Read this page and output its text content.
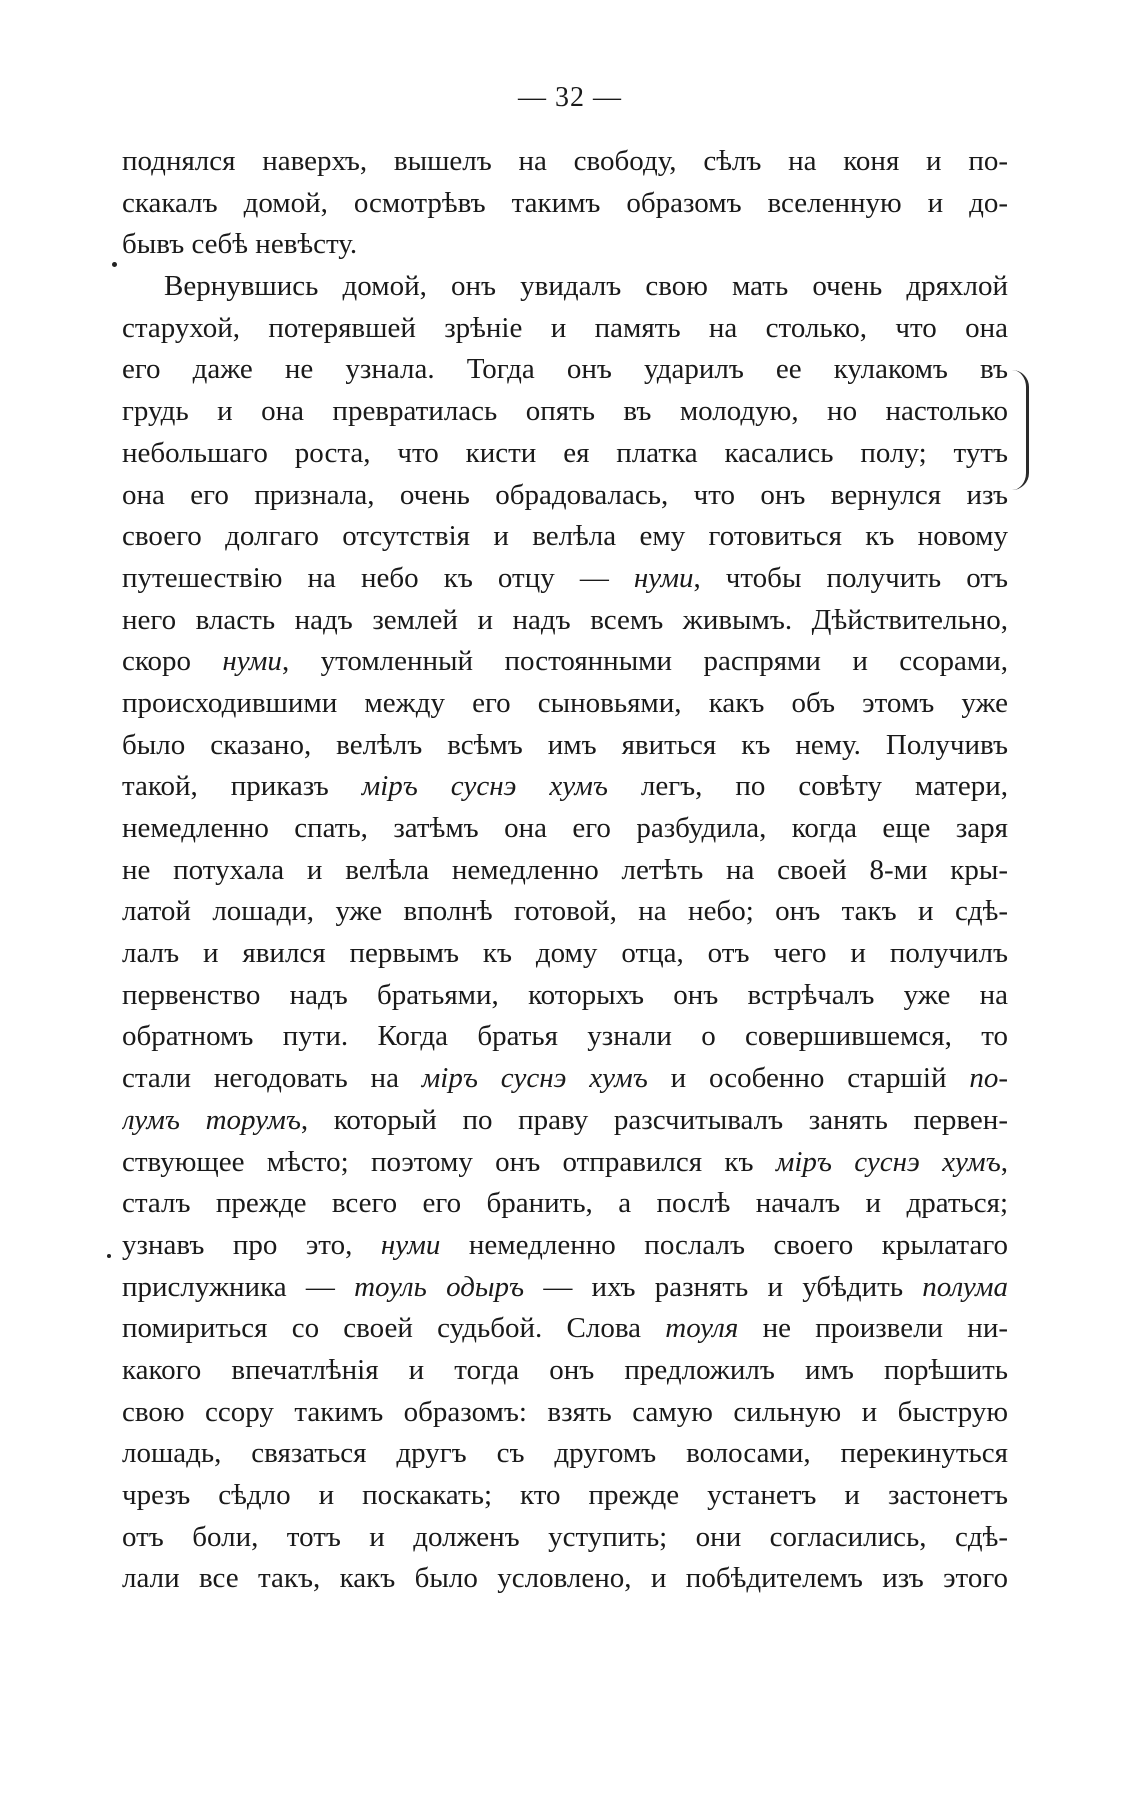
— 32 —
поднялся наверхъ, вышелъ на свободу, сѣлъ на коня и по-
скакалъ домой, осмотрѣвъ такимъ образомъ вселенную и до-
бывъ себѣ невѣсту.
Вернувшись домой, онъ увидалъ свою мать очень дряхлой
старухой, потерявшей зрѣніе и память на столько, что она
его даже не узнала. Тогда онъ ударилъ ее кулакомъ въ
грудь и она превратилась опять въ молодую, но настолько
небольшаго роста, что кисти ея платка касались полу; тутъ
она его признала, очень обрадовалась, что онъ вернулся изъ
своего долгаго отсутствія и велѣла ему готовиться къ новому
путешествію на небо къ отцу — нуми, чтобы получить отъ
него власть надъ землей и надъ всемъ живымъ. Дѣйствительно,
скоро нуми, утомленный постоянными распрями и ссорами,
происходившими между его сыновьями, какъ объ этомъ уже
было сказано, велѣлъ всѣмъ имъ явиться къ нему. Получивъ
такой, приказъ міръ суснэ хумъ легъ, по совѣту матери,
немедленно спать, затѣмъ она его разбудила, когда еще заря
не потухала и велѣла немедленно летѣть на своей 8-ми кры-
латой лошади, уже вполнѣ готовой, на небо; онъ такъ и сдѣ-
лалъ и явился первымъ къ дому отца, отъ чего и получилъ
первенство надъ братьями, которыхъ онъ встрѣчалъ уже на
обратномъ пути. Когда братья узнали о совершившемся, то
стали негодовать на міръ суснэ хумъ и особенно старшій по-
лумъ торумъ, который по праву разсчитывалъ занять первен-
ствующее мѣсто; поэтому онъ отправился къ міръ суснэ хумъ,
сталъ прежде всего его бранить, а послѣ началъ и драться;
узнавъ про это, нуми немедленно послалъ своего крылатаго
прислужника — тоуль одыръ — ихъ разнять и убѣдить полума
помириться со своей судьбой. Слова тоуля не произвели ни-
какого впечатлѣнія и тогда онъ предложилъ имъ порѣшить
свою ссору такимъ образомъ: взять самую сильную и быструю
лошадь, связаться другъ съ другомъ волосами, перекинуться
чрезъ сѣдло и поскакать; кто прежде устанетъ и застонетъ
отъ боли, тотъ и долженъ уступить; они согласились, сдѣ-
лали все такъ, какъ было условлено, и побѣдителемъ изъ этого
